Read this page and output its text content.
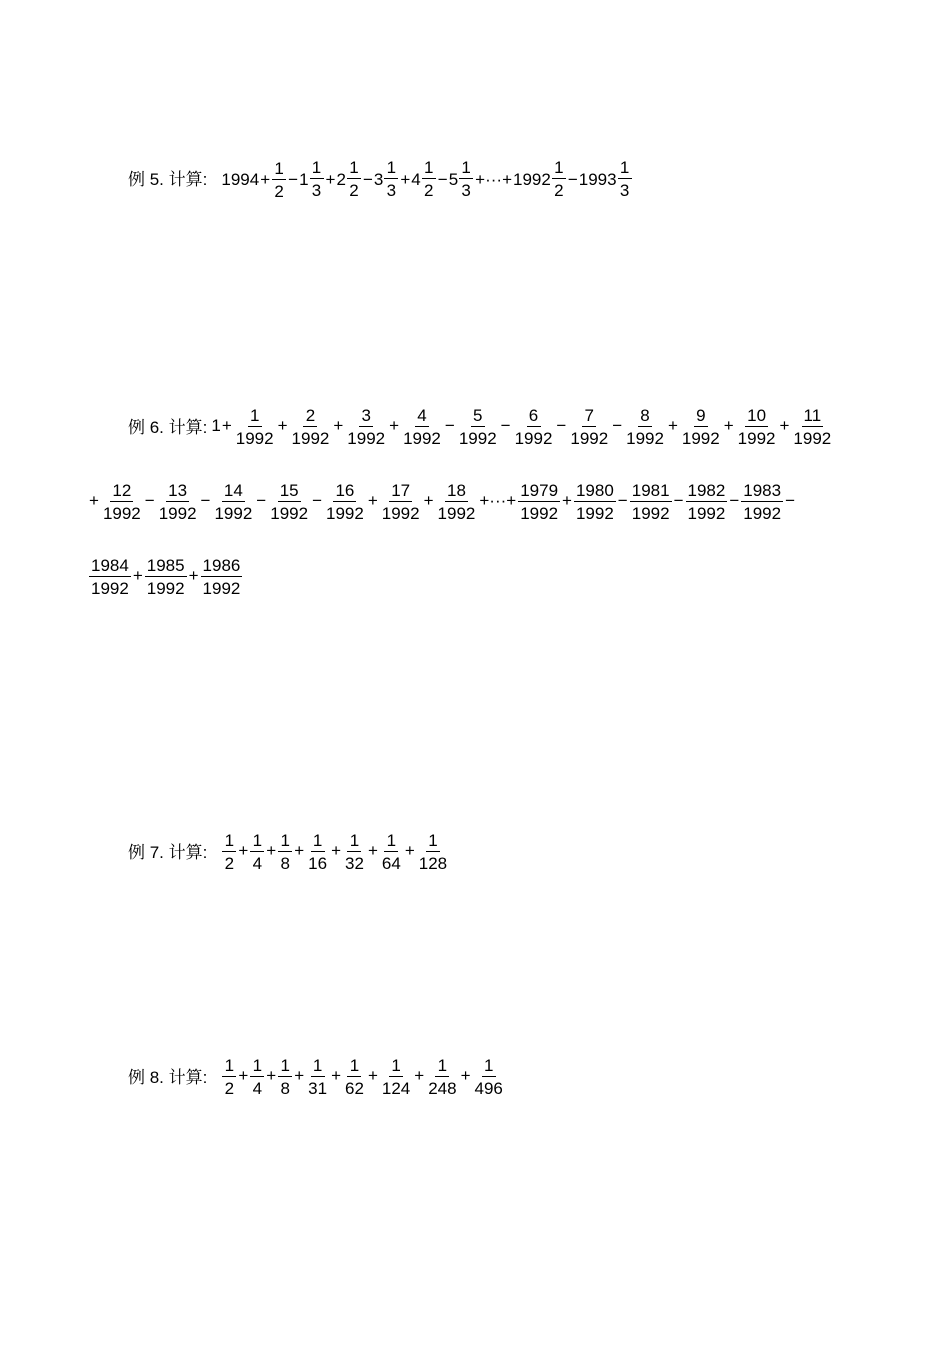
例 5. 计算: $1994+ \frac{1}{2} - 1 \frac{1}{3} + 2 \frac{1}{2} - 3 \frac{1}{3} + 4 \frac{1}{2} - 5 \frac{1}{3}$ +···+ $1992 \frac{1}{2} - 1993 \frac{1}{3}$
例 6. 计算: $1+ \frac{1}{1992} + \frac{2}{1992} + \frac{3}{1992} + \frac{4}{1992} - \frac{5}{1992} - \frac{6}{1992} - \frac{7}{1992} - \frac{8}{1992} + \frac{9}{1992} + \frac{10}{1992} + \frac{11}{1992}$
+ $\frac{12}{1992} - \frac{13}{1992} - \frac{14}{1992} - \frac{15}{1992} - \frac{16}{1992} + \frac{17}{1992} + \frac{18}{1992}$ +···+ $\frac{1979}{1992} + \frac{1980}{1992} - \frac{1981}{1992} - \frac{1982}{1992} - \frac{1983}{1992}$ −
$\frac{1984}{1992} + \frac{1985}{1992} + \frac{1986}{1992}$
例 7. 计算: $\frac{1}{2} + \frac{1}{4} + \frac{1}{8} + \frac{1}{16} + \frac{1}{32} + \frac{1}{64} + \frac{1}{128}$
例 8. 计算: $\frac{1}{2} + \frac{1}{4} + \frac{1}{8} + \frac{1}{31} + \frac{1}{62} + \frac{1}{124} + \frac{1}{248} + \frac{1}{496}$
